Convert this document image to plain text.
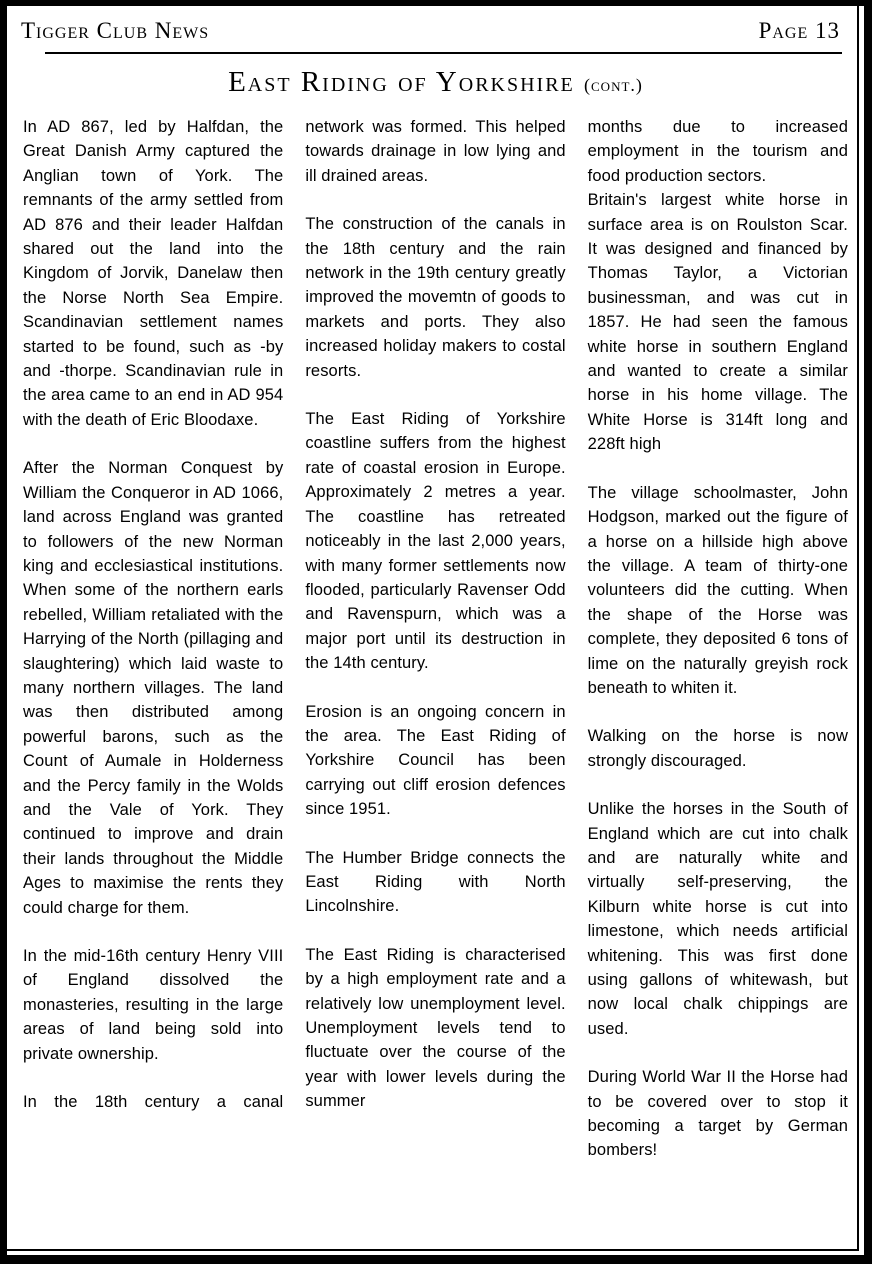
Tigger Club News	Page 13
East Riding of Yorkshire (cont.)

In AD 867, led by Halfdan, the Great Danish Army captured the Anglian town of York. The remnants of the army settled from AD 876 and their leader Halfdan shared out the land into the Kingdom of Jorvik, Danelaw then the Norse North Sea Empire. Scandinavian settlement names started to be found, such as -by and -thorpe. Scandinavian rule in the area came to an end in AD 954 with the death of Eric Bloodaxe.

After the Norman Conquest by William the Conqueror in AD 1066, land across England was granted to followers of the new Norman king and ecclesiastical institutions. When some of the northern earls rebelled, William retaliated with the Harrying of the North (pillaging and slaughtering) which laid waste to many northern villages. The land was then distributed among powerful barons, such as the Count of Aumale in Holderness and the Percy family in the Wolds and the Vale of York. They continued to improve and drain their lands throughout the Middle Ages to maximise the rents they could charge for them.

In the mid-16th century Henry VIII of England dissolved the monasteries, resulting in the large areas of land being sold into private ownership.

In the 18th century a canal

network was formed. This helped towards drainage in low lying and ill drained areas.

The construction of the canals in the 18th century and the rain network in the 19th century greatly improved the movemtn of goods to markets and ports. They also increased holiday makers to costal resorts.

The East Riding of Yorkshire coastline suffers from the highest rate of coastal erosion in Europe. Approximately 2 metres a year. The coastline has retreated noticeably in the last 2,000 years, with many former settlements now flooded, particularly Ravenser Odd and Ravenspurn, which was a major port until its destruction in the 14th century.

Erosion is an ongoing concern in the area. The East Riding of Yorkshire Council has been carrying out cliff erosion defences since 1951.

The Humber Bridge connects the East Riding with North Lincolnshire.

The East Riding is characterised by a high employment rate and a relatively low unemployment level. Unemployment levels tend to fluctuate over the course of the year with lower levels during the summer

months due to increased employment in the tourism and food production sectors.

Britain's largest white horse in surface area is on Roulston Scar. It was designed and financed by Thomas Taylor, a Victorian businessman, and was cut in 1857. He had seen the famous white horse in southern England and wanted to create a similar horse in his home village. The White Horse is 314ft long and 228ft high

The village schoolmaster, John Hodgson, marked out the figure of a horse on a hillside high above the village. A team of thirty-one volunteers did the cutting. When the shape of the Horse was complete, they deposited 6 tons of lime on the naturally greyish rock beneath to whiten it.

Walking on the horse is now strongly discouraged.

Unlike the horses in the South of England which are cut into chalk and are naturally white and virtually self-preserving, the Kilburn white horse is cut into limestone, which needs artificial whitening. This was first done using gallons of whitewash, but now local chalk chippings are used.

During World War II the Horse had to be covered over to stop it becoming a target by German bombers!
